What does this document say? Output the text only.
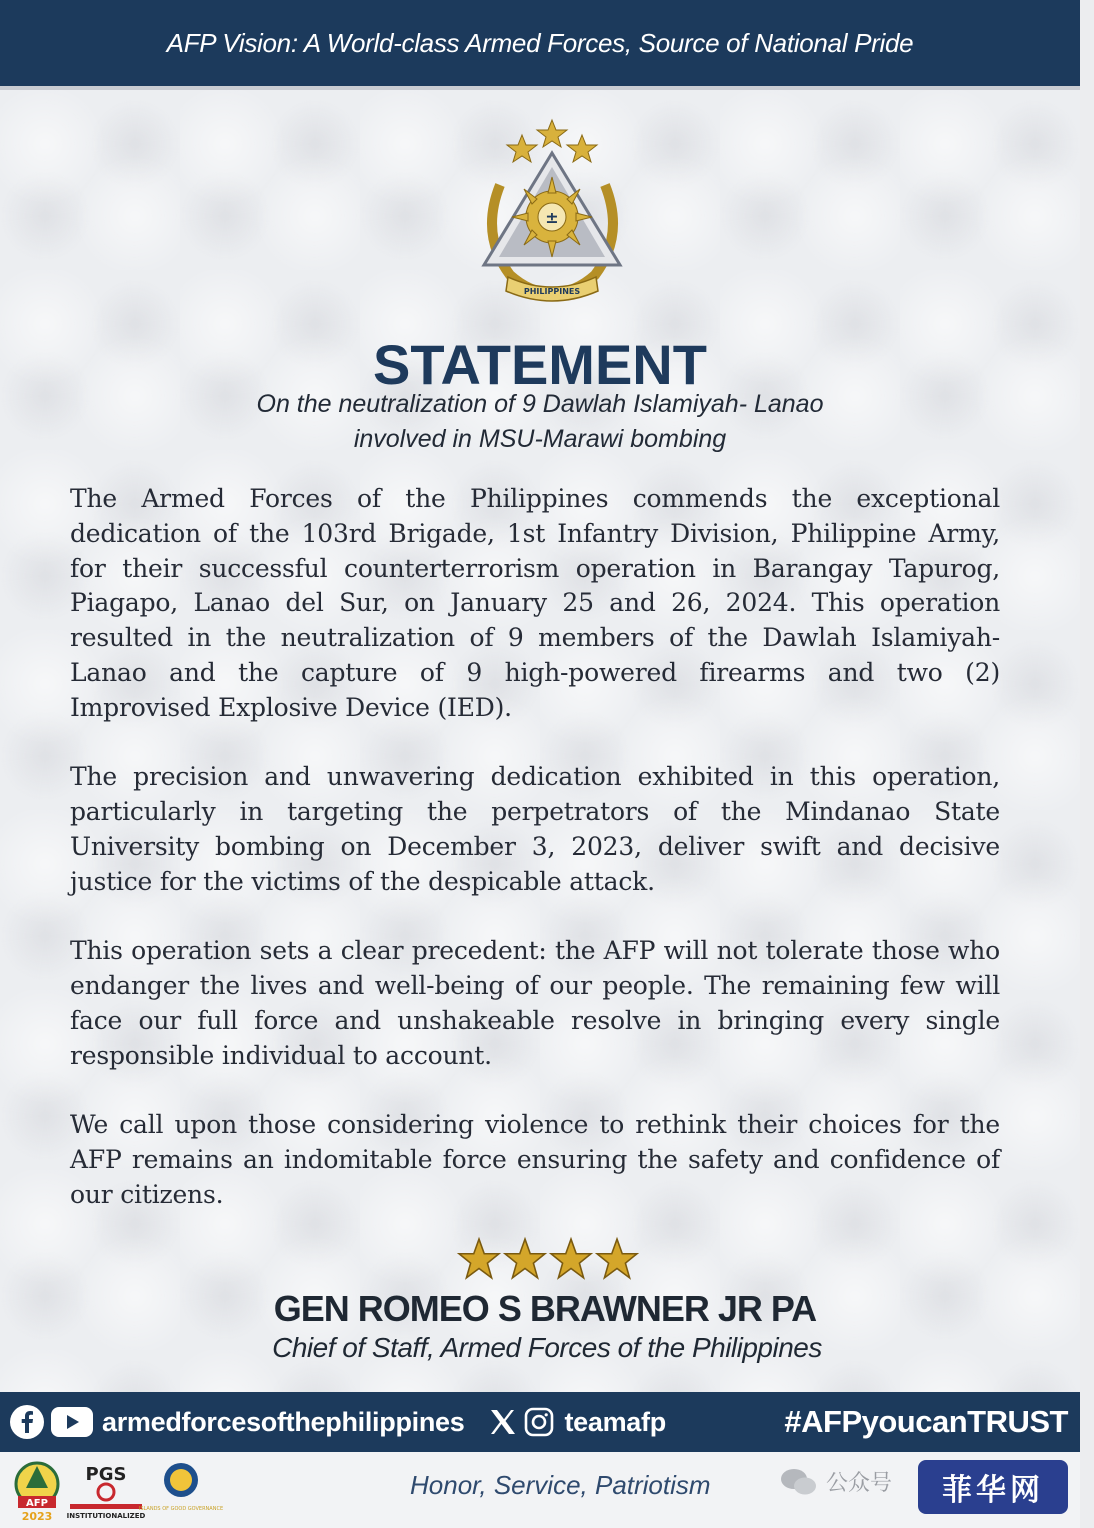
AFP Vision: A World-class Armed Forces, Source of National Pride
±
PHILIPPINES
STATEMENT
On the neutralization of 9 Dawlah Islamiyah- Lanao
involved in MSU-Marawi bombing

The Armed Forces of the Philippines commends the exceptional dedication of the 103rd Brigade, 1st Infantry Division, Philippine Army, for their successful counterterrorism operation in Barangay Tapurog, Piagapo, Lanao del Sur, on January 25 and 26, 2024. This operation resulted in the neutralization of 9 members of the Dawlah Islamiyah-Lanao and the capture of 9 high-powered firearms and two (2) Improvised Explosive Device (IED).

The precision and unwavering dedication exhibited in this operation, particularly in targeting the perpetrators of the Mindanao State University bombing on December 3, 2023, deliver swift and decisive justice for the victims of the despicable attack.

This operation sets a clear precedent: the AFP will not tolerate those who endanger the lives and well-being of our people. The remaining few will face our full force and unshakeable resolve in bringing every single responsible individual to account.

We call upon those considering violence to rethink their choices for the AFP remains an indomitable force ensuring the safety and confidence of our citizens.

GEN ROMEO S BRAWNER JR PA
Chief of Staff, Armed Forces of the Philippines
armedforcesofthephilippines	teamafp	#AFPyoucanTRUST
AFP
2023
PGS
INSTITUTIONALIZED
ISLANDS OF GOOD GOVERNANCE
Honor, Service, Patriotism	公众号	菲华网
